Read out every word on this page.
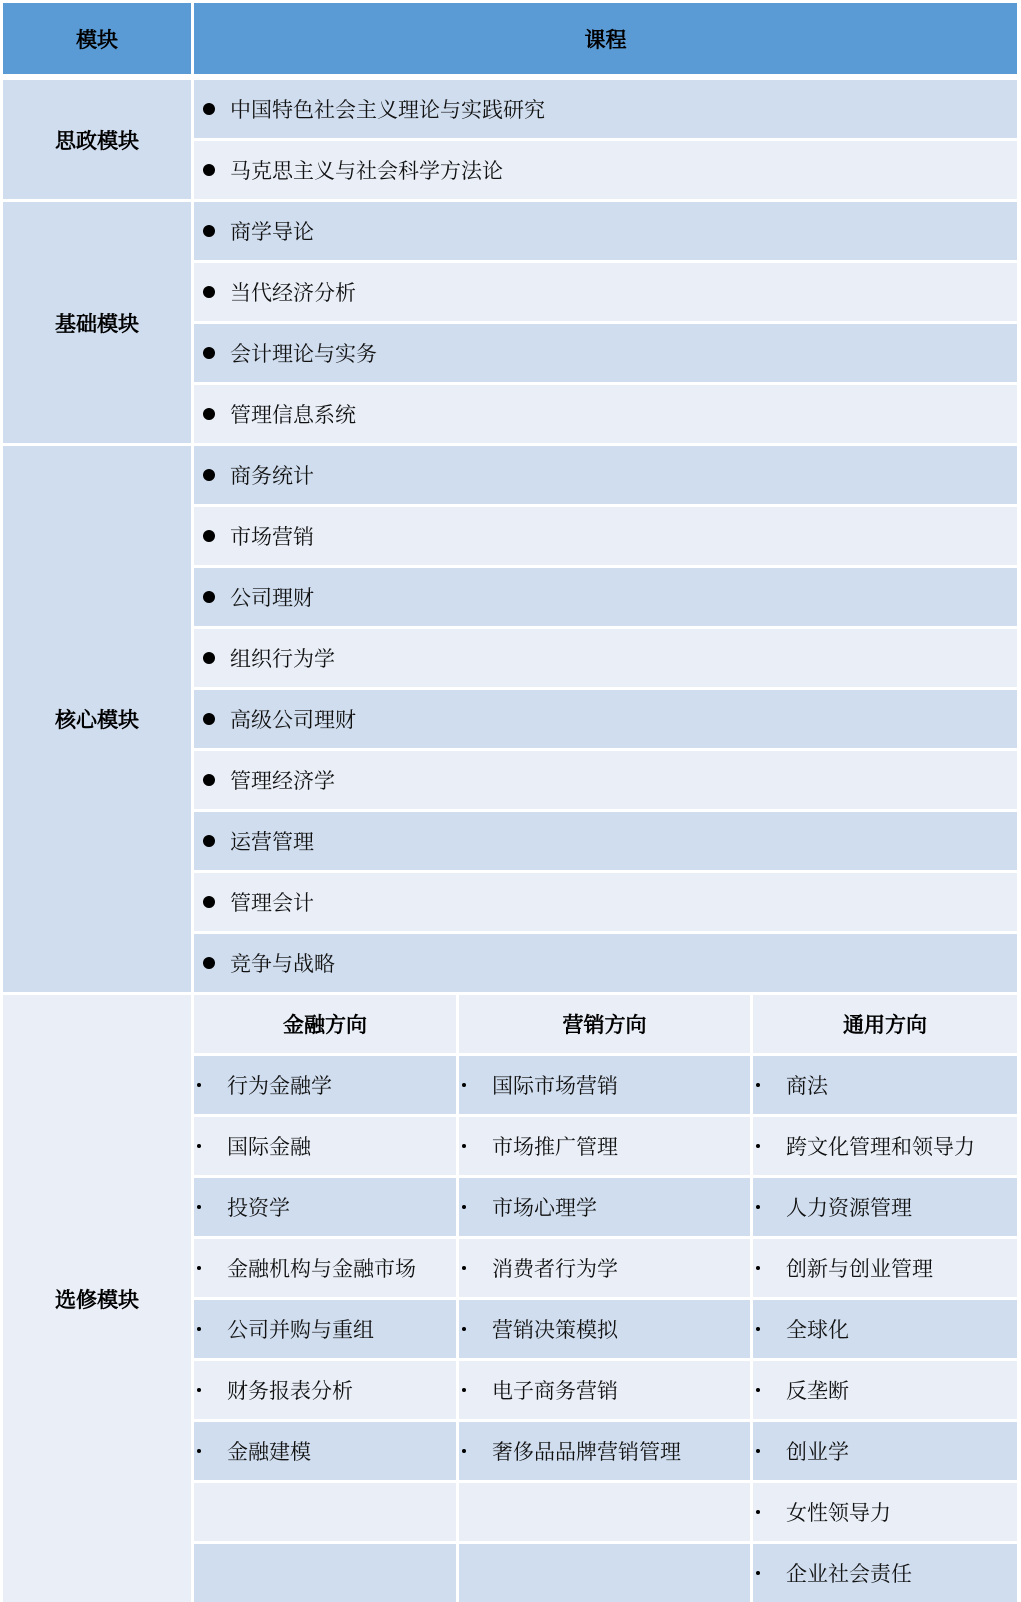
模块	课程
思政模块
中国特色社会主义理论与实践研究
马克思主义与社会科学方法论
基础模块
商学导论
当代经济分析
会计理论与实务
管理信息系统
核心模块
商务统计
市场营销
公司理财
组织行为学
高级公司理财
管理经济学
运营管理
管理会计
竞争与战略
选修模块
金融方向
行为金融学
国际金融
投资学
金融机构与金融市场
公司并购与重组
财务报表分析
金融建模
营销方向
国际市场营销
市场推广管理
市场心理学
消费者行为学
营销决策模拟
电子商务营销
奢侈品品牌营销管理
通用方向
商法
跨文化管理和领导力
人力资源管理
创新与创业管理
全球化
反垄断
创业学
女性领导力
企业社会责任
